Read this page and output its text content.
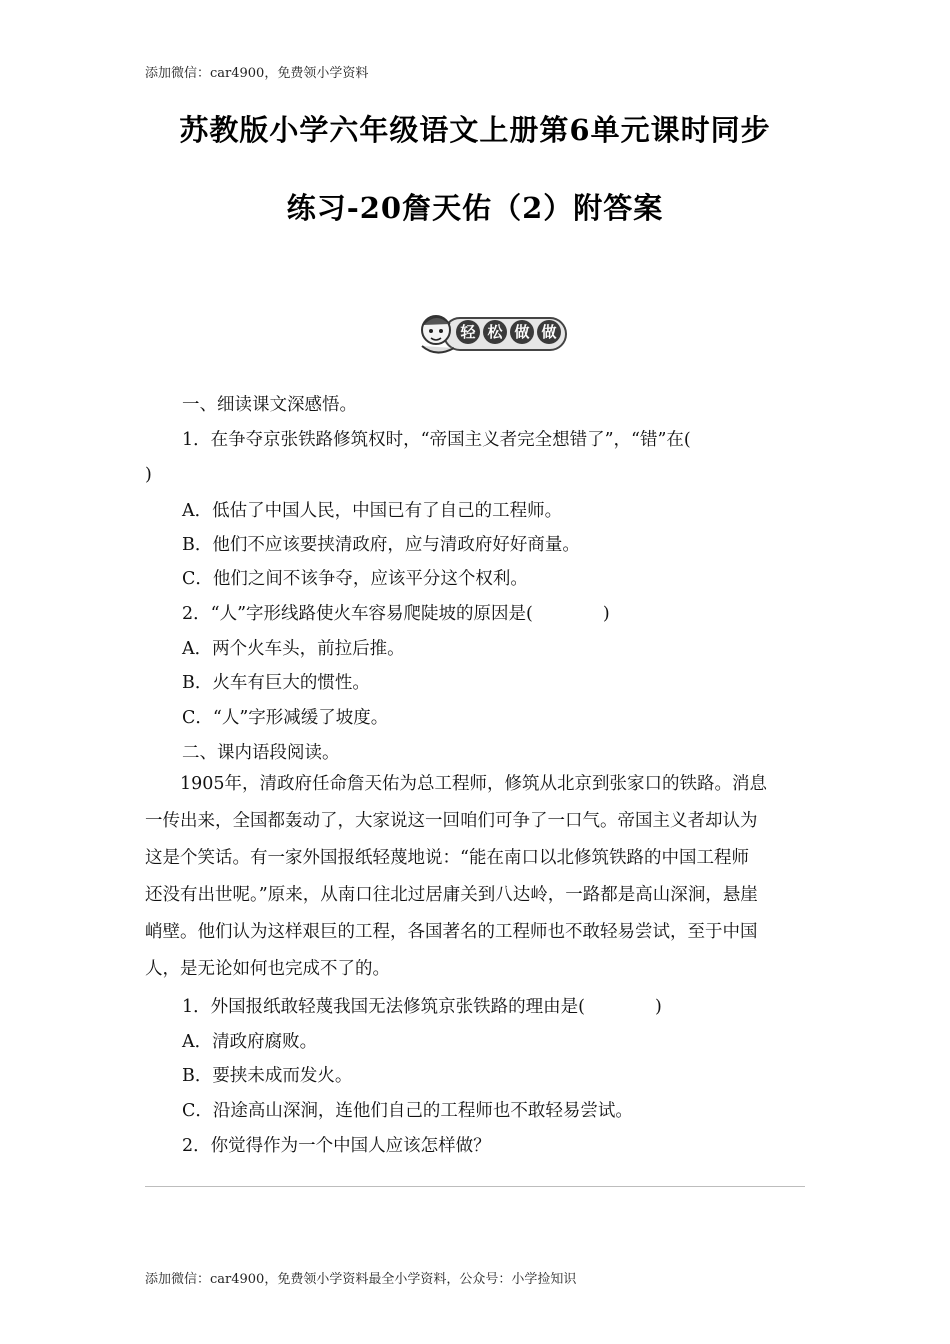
添加微信：car4900，免费领小学资料
苏教版小学六年级语文上册第6单元课时同步
练习-20詹天佑（2）附答案
轻 松 做 做
一、细读课文深感悟。
1．在争夺京张铁路修筑权时，“帝国主义者完全想错了”，“错”在(
)
A．低估了中国人民，中国已有了自己的工程师。
B．他们不应该要挟清政府，应与清政府好好商量。
C．他们之间不该争夺，应该平分这个权利。
2．“人”字形线路使火车容易爬陡坡的原因是(　　　　)
A．两个火车头，前拉后推。
B．火车有巨大的惯性。
C．“人”字形减缓了坡度。
二、课内语段阅读。
　　1905年，清政府任命詹天佑为总工程师，修筑从北京到张家口的铁路。消息
一传出来，全国都轰动了，大家说这一回咱们可争了一口气。帝国主义者却认为
这是个笑话。有一家外国报纸轻蔑地说：“能在南口以北修筑铁路的中国工程师
还没有出世呢。”原来，从南口往北过居庸关到八达岭，一路都是高山深涧，悬崖
峭壁。他们认为这样艰巨的工程，各国著名的工程师也不敢轻易尝试，至于中国
人，是无论如何也完成不了的。
1．外国报纸敢轻蔑我国无法修筑京张铁路的理由是(　　　　)
A．清政府腐败。
B．要挟未成而发火。
C．沿途高山深涧，连他们自己的工程师也不敢轻易尝试。
2．你觉得作为一个中国人应该怎样做？
添加微信：car4900，免费领小学资料最全小学资料，公众号：小学捡知识
